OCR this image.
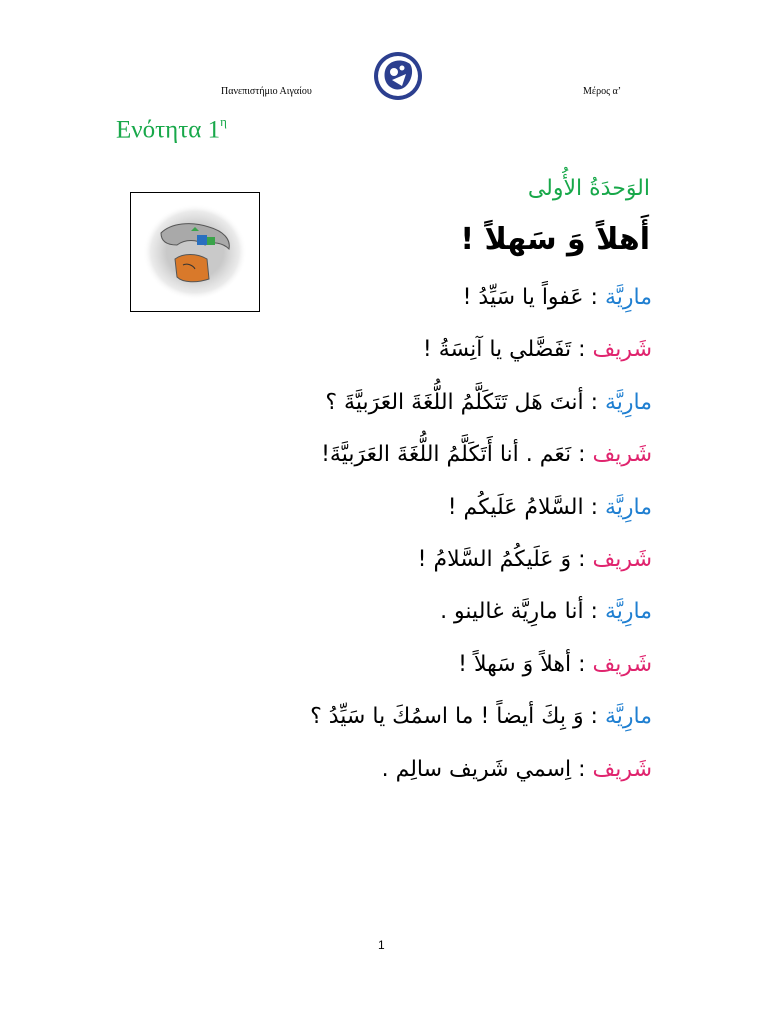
Πανεπιστήμιο Αιγαίου	Μέρος α’
Ενότητα $1^\eta$
الوَحدَةُ الأُولى
أَهلاً وَ سَهلاً !
مارِيَّة : عَفواً يا سَيِّدُ !
شَريف : تَفَضَّلي يا آنِسَةُ !
مارِيَّة : أنتَ هَل تَتَكَلَّمُ اللُّغَةَ العَرَبيَّةَ ؟
شَريف : نَعَم . أنا أَتَكَلَّمُ اللُّغَةَ العَرَبيَّةَ!
مارِيَّة : السَّلامُ عَلَيكُم !
شَريف : وَ عَلَيكُمُ السَّلامُ !
مارِيَّة : أنا مارِيَّة غالينو .
شَريف : أهلاً وَ سَهلاً !
مارِيَّة : وَ بِكَ أيضاً ! ما اسمُكَ يا سَيِّدُ ؟
شَريف : اِسمي شَريف سالِم .
1
